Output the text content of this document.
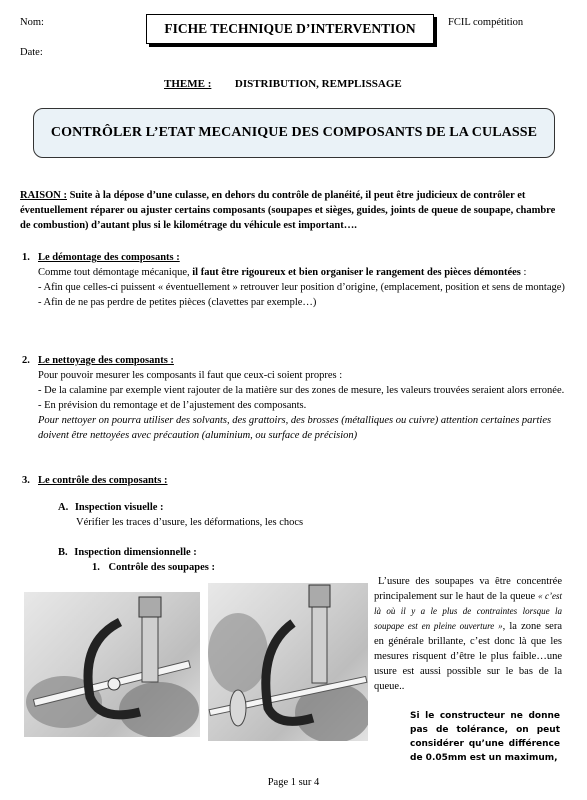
Nom:
Date:
FICHE TECHNIQUE D’INTERVENTION	FCIL compétition
THEME : DISTRIBUTION, REMPLISSAGE
CONTRÔLER L’ETAT MECANIQUE DES COMPOSANTS DE LA CULASSE
RAISON : Suite à la dépose d’une culasse, en dehors du contrôle de planéité, il peut être judicieux de contrôler et éventuellement réparer ou ajuster certains composants (soupapes et sièges, guides, joints de queue de soupape, chambre de combustion) d’autant plus si le kilométrage du véhicule est important….
1. Le démontage des composants :
Comme tout démontage mécanique, il faut être rigoureux et bien organiser le rangement des pièces démontées :
- Afin que celles-ci puissent « éventuellement » retrouver leur position d’origine, (emplacement, position et sens de montage)
- Afin de ne pas perdre de petites pièces (clavettes par exemple…)
2. Le nettoyage des composants :
Pour pouvoir mesurer les composants il faut que ceux-ci soient propres :
- De la calamine par exemple vient rajouter de la matière sur des zones de mesure, les valeurs trouvées seraient alors erronée.
- En prévision du remontage et de l’ajustement des composants.
Pour nettoyer on pourra utiliser des solvants, des grattoirs, des brosses (métalliques ou cuivre) attention certaines parties doivent être nettoyées avec précaution (aluminium, ou surface de précision)
3. Le contrôle des composants :
A. Inspection visuelle :
Vérifier les traces d’usure, les déformations, les chocs
B. Inspection dimensionnelle :
1. Contrôle des soupapes :
L’usure des soupapes va être concentrée principalement sur le haut de la queue « c’est là où il y a le plus de contraintes lorsque la soupape est en pleine ouverture », la zone sera en générale brillante, c’est donc là que les mesures risquent d’être le plus faible…une usure est aussi possible sur le bas de la queue..
Si le constructeur ne donne pas de tolérance, on peut considérer qu’une différence de 0.05mm est un maximum,
Page 1 sur 4
